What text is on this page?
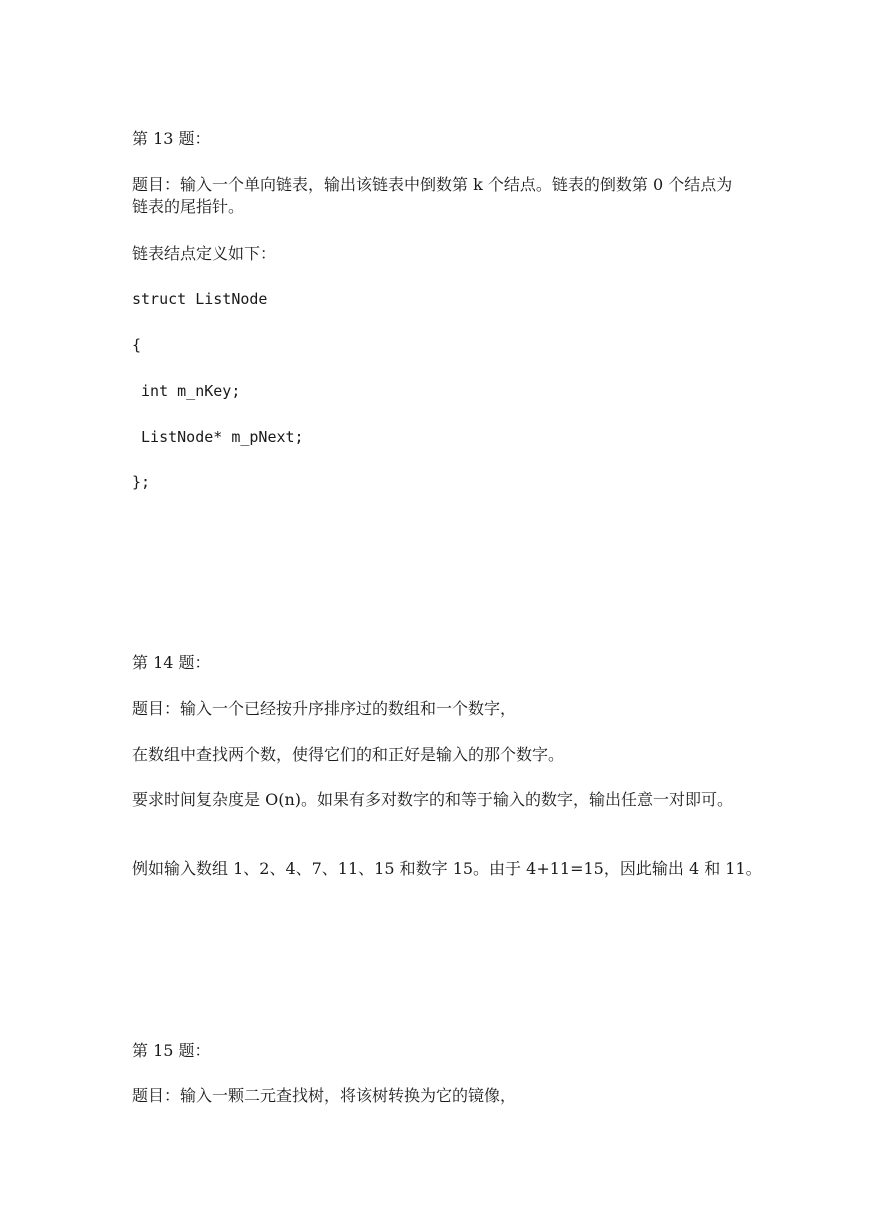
第 13 题：

题目：输入一个单向链表，输出该链表中倒数第 k 个结点。链表的倒数第 0 个结点为链表的尾指针。

链表结点定义如下：

struct ListNode

{

int m_nKey;

ListNode* m_pNext;

};

第 14 题：

题目：输入一个已经按升序排序过的数组和一个数字，

在数组中查找两个数，使得它们的和正好是输入的那个数字。

要求时间复杂度是 O(n)。如果有多对数字的和等于输入的数字，输出任意一对即可。

例如输入数组 1、2、4、7、11、15 和数字 15。由于 4+11=15，因此输出 4 和 11。

第 15 题：

题目：输入一颗二元查找树，将该树转换为它的镜像，
